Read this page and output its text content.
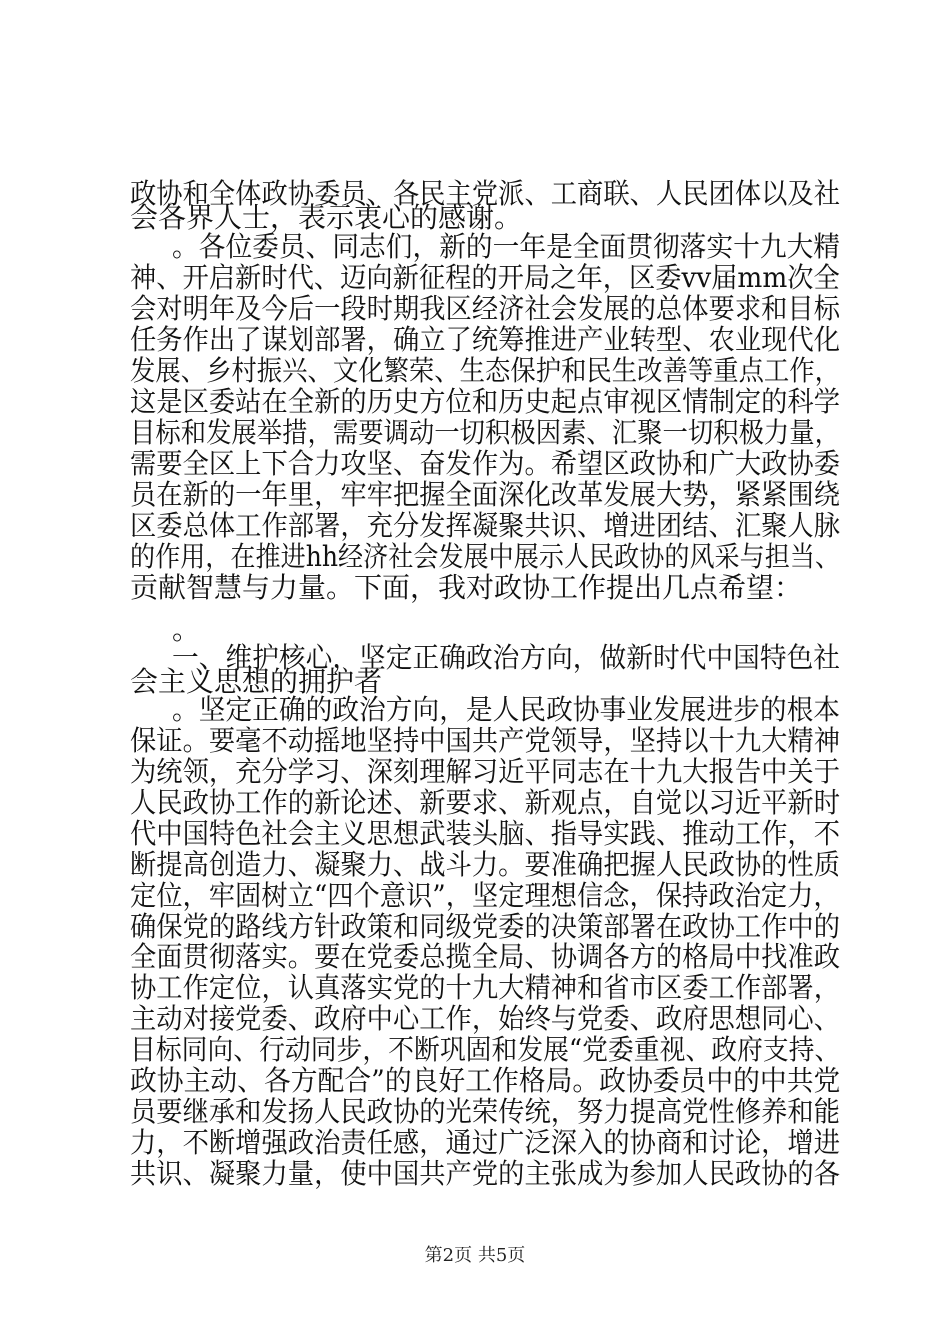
政协和全体政协委员、各民主党派、工商联、人民团体以及社
会各界人士，表示衷心的感谢。
。各位委员、同志们，新的一年是全面贯彻落实十九大精
神、开启新时代、迈向新征程的开局之年，区委vv届mm次全
会对明年及今后一段时期我区经济社会发展的总体要求和目标
任务作出了谋划部署，确立了统筹推进产业转型、农业现代化
发展、乡村振兴、文化繁荣、生态保护和民生改善等重点工作，
这是区委站在全新的历史方位和历史起点审视区情制定的科学
目标和发展举措，需要调动一切积极因素、汇聚一切积极力量，
需要全区上下合力攻坚、奋发作为。希望区政协和广大政协委
员在新的一年里，牢牢把握全面深化改革发展大势，紧紧围绕
区委总体工作部署，充分发挥凝聚共识、增进团结、汇聚人脉
的作用，在推进hh经济社会发展中展示人民政协的风采与担当、
贡献智慧与力量。下面，我对政协工作提出几点希望：
。
一、维护核心，坚定正确政治方向，做新时代中国特色社
会主义思想的拥护者
。坚定正确的政治方向，是人民政协事业发展进步的根本
保证。要毫不动摇地坚持中国共产党领导，坚持以十九大精神
为统领，充分学习、深刻理解习近平同志在十九大报告中关于
人民政协工作的新论述、新要求、新观点，自觉以习近平新时
代中国特色社会主义思想武装头脑、指导实践、推动工作，不
断提高创造力、凝聚力、战斗力。要准确把握人民政协的性质
定位，牢固树立“四个意识”，坚定理想信念，保持政治定力，
确保党的路线方针政策和同级党委的决策部署在政协工作中的
全面贯彻落实。要在党委总揽全局、协调各方的格局中找准政
协工作定位，认真落实党的十九大精神和省市区委工作部署，
主动对接党委、政府中心工作，始终与党委、政府思想同心、
目标同向、行动同步，不断巩固和发展“党委重视、政府支持、
政协主动、各方配合”的良好工作格局。政协委员中的中共党
员要继承和发扬人民政协的光荣传统，努力提高党性修养和能
力，不断增强政治责任感，通过广泛深入的协商和讨论，增进
共识、凝聚力量，使中国共产党的主张成为参加人民政协的各
第2页 共5页
